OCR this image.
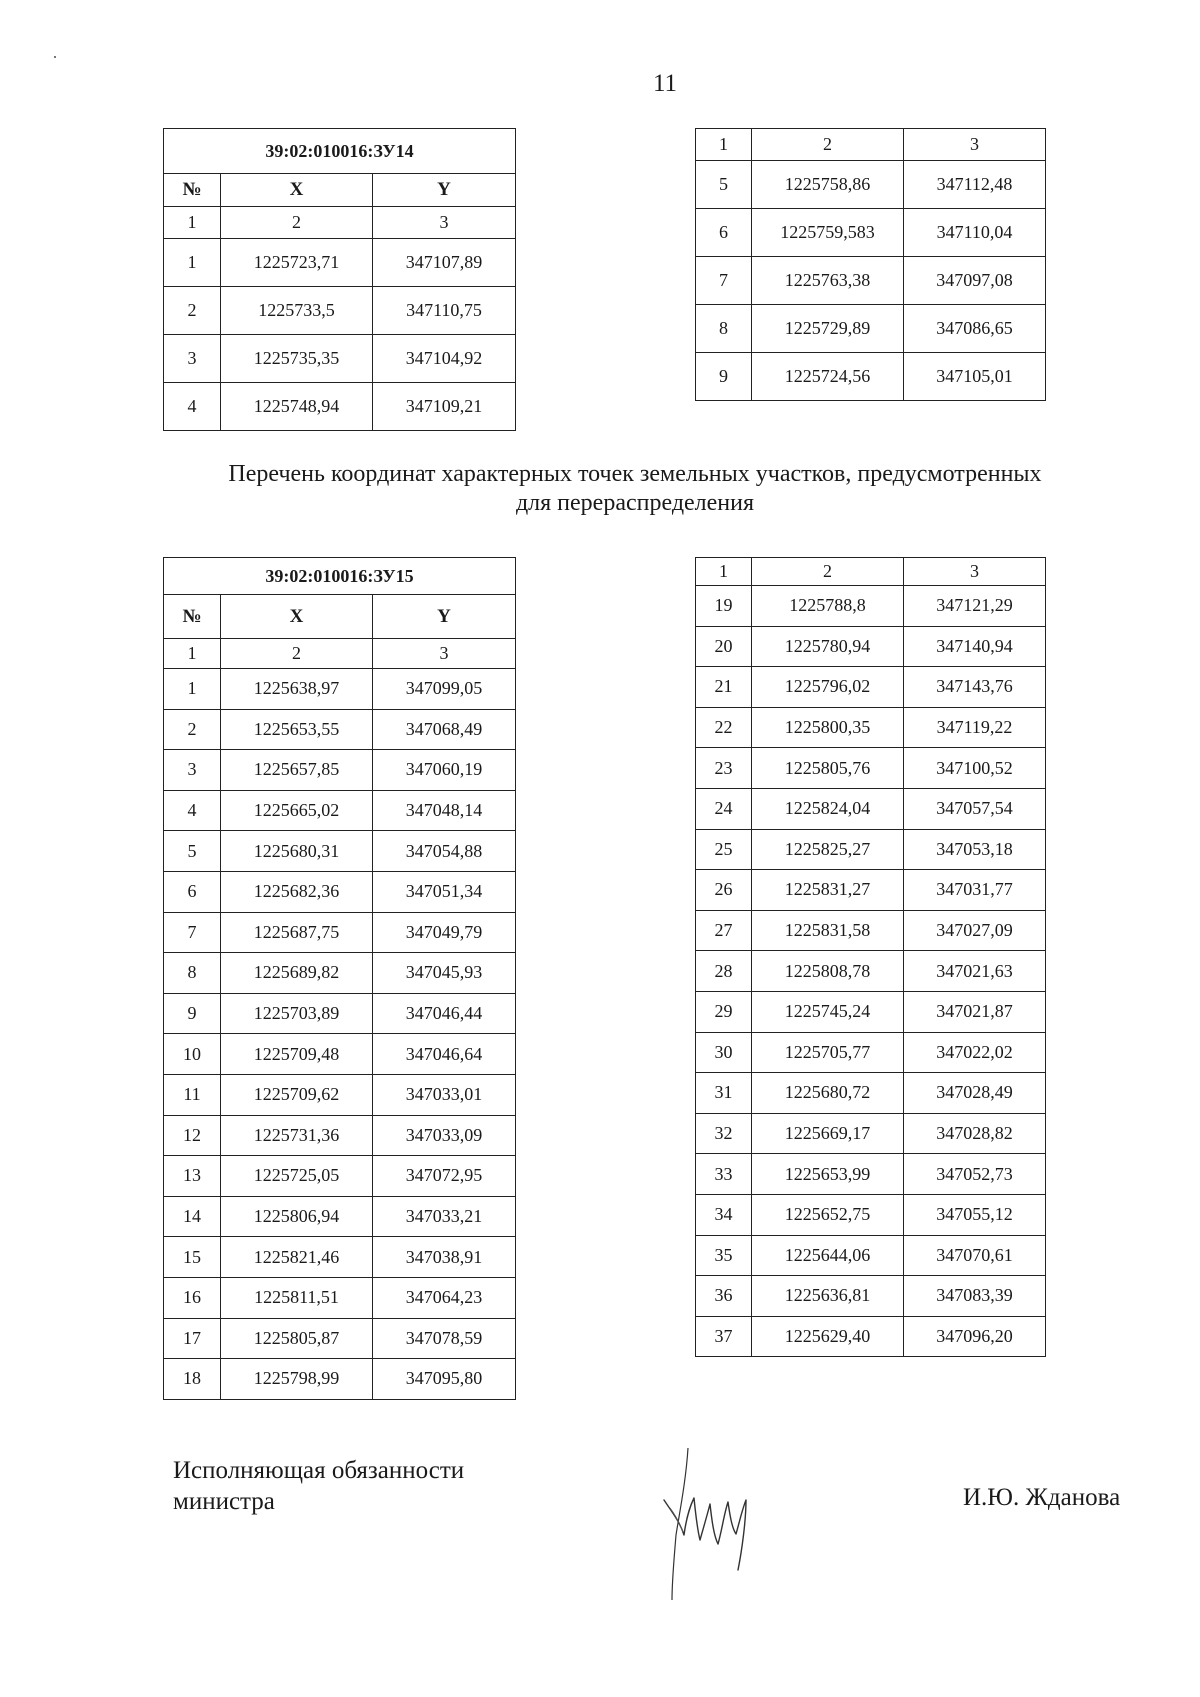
11
39:02:010016:ЗУ14		
№	X	Y
1	2	3
1	1225723,71	347107,89
2	1225733,5	347110,75
3	1225735,35	347104,92
4	1225748,94	347109,21
1	2	3
5	1225758,86	347112,48
6	1225759,583	347110,04
7	1225763,38	347097,08
8	1225729,89	347086,65
9	1225724,56	347105,01
Перечень координат характерных точек земельных участков, предусмотренных
для перераспределения
39:02:010016:ЗУ15		
№	X	Y
1	2	3
1	1225638,97	347099,05
2	1225653,55	347068,49
3	1225657,85	347060,19
4	1225665,02	347048,14
5	1225680,31	347054,88
6	1225682,36	347051,34
7	1225687,75	347049,79
8	1225689,82	347045,93
9	1225703,89	347046,44
10	1225709,48	347046,64
11	1225709,62	347033,01
12	1225731,36	347033,09
13	1225725,05	347072,95
14	1225806,94	347033,21
15	1225821,46	347038,91
16	1225811,51	347064,23
17	1225805,87	347078,59
18	1225798,99	347095,80
1	2	3
19	1225788,8	347121,29
20	1225780,94	347140,94
21	1225796,02	347143,76
22	1225800,35	347119,22
23	1225805,76	347100,52
24	1225824,04	347057,54
25	1225825,27	347053,18
26	1225831,27	347031,77
27	1225831,58	347027,09
28	1225808,78	347021,63
29	1225745,24	347021,87
30	1225705,77	347022,02
31	1225680,72	347028,49
32	1225669,17	347028,82
33	1225653,99	347052,73
34	1225652,75	347055,12
35	1225644,06	347070,61
36	1225636,81	347083,39
37	1225629,40	347096,20
Исполняющая обязанности
министра	И.Ю. Жданова
